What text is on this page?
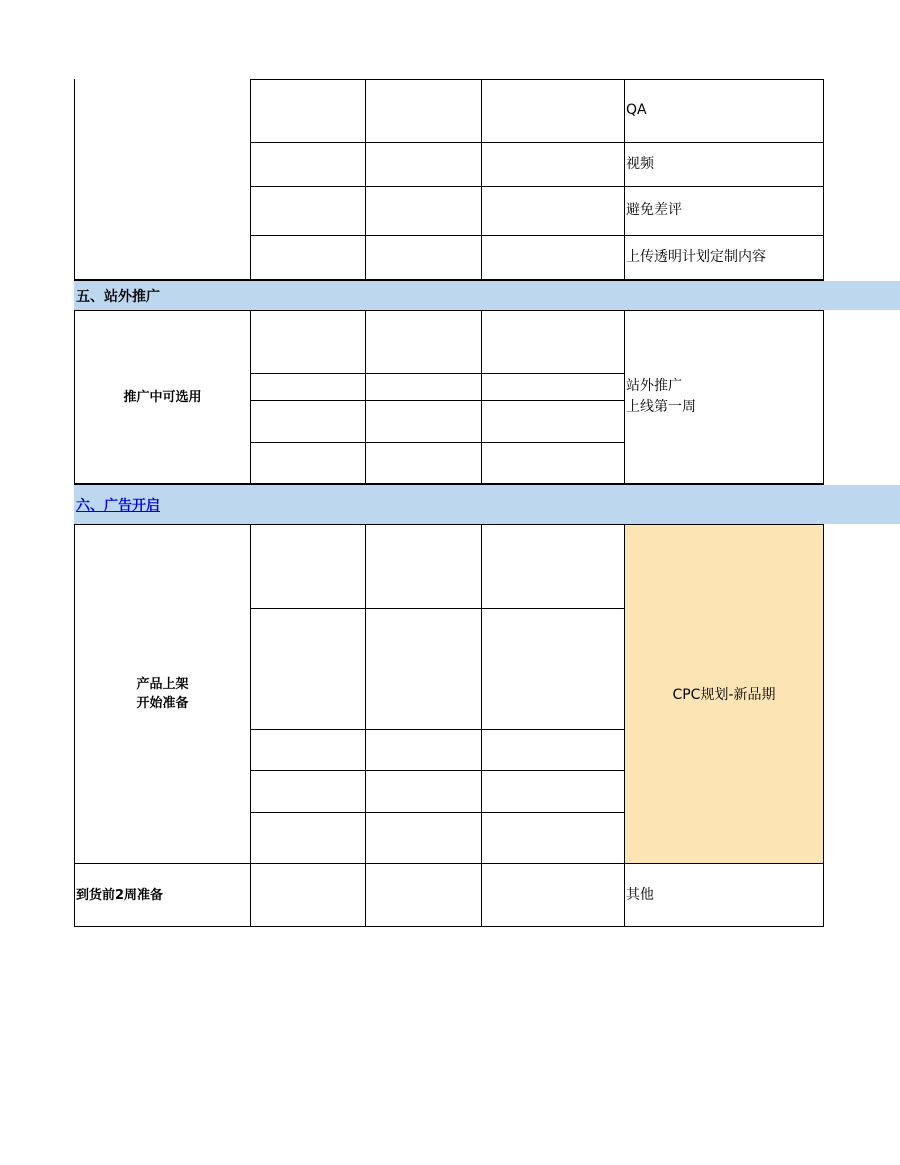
QA
视频
避免差评
上传透明计划定制内容
五、站外推广
推广中可选用
站外推广
上线第一周
六、广告开启
CPC规划-新品期
产品上架
开始准备
到货前2周准备	其他
